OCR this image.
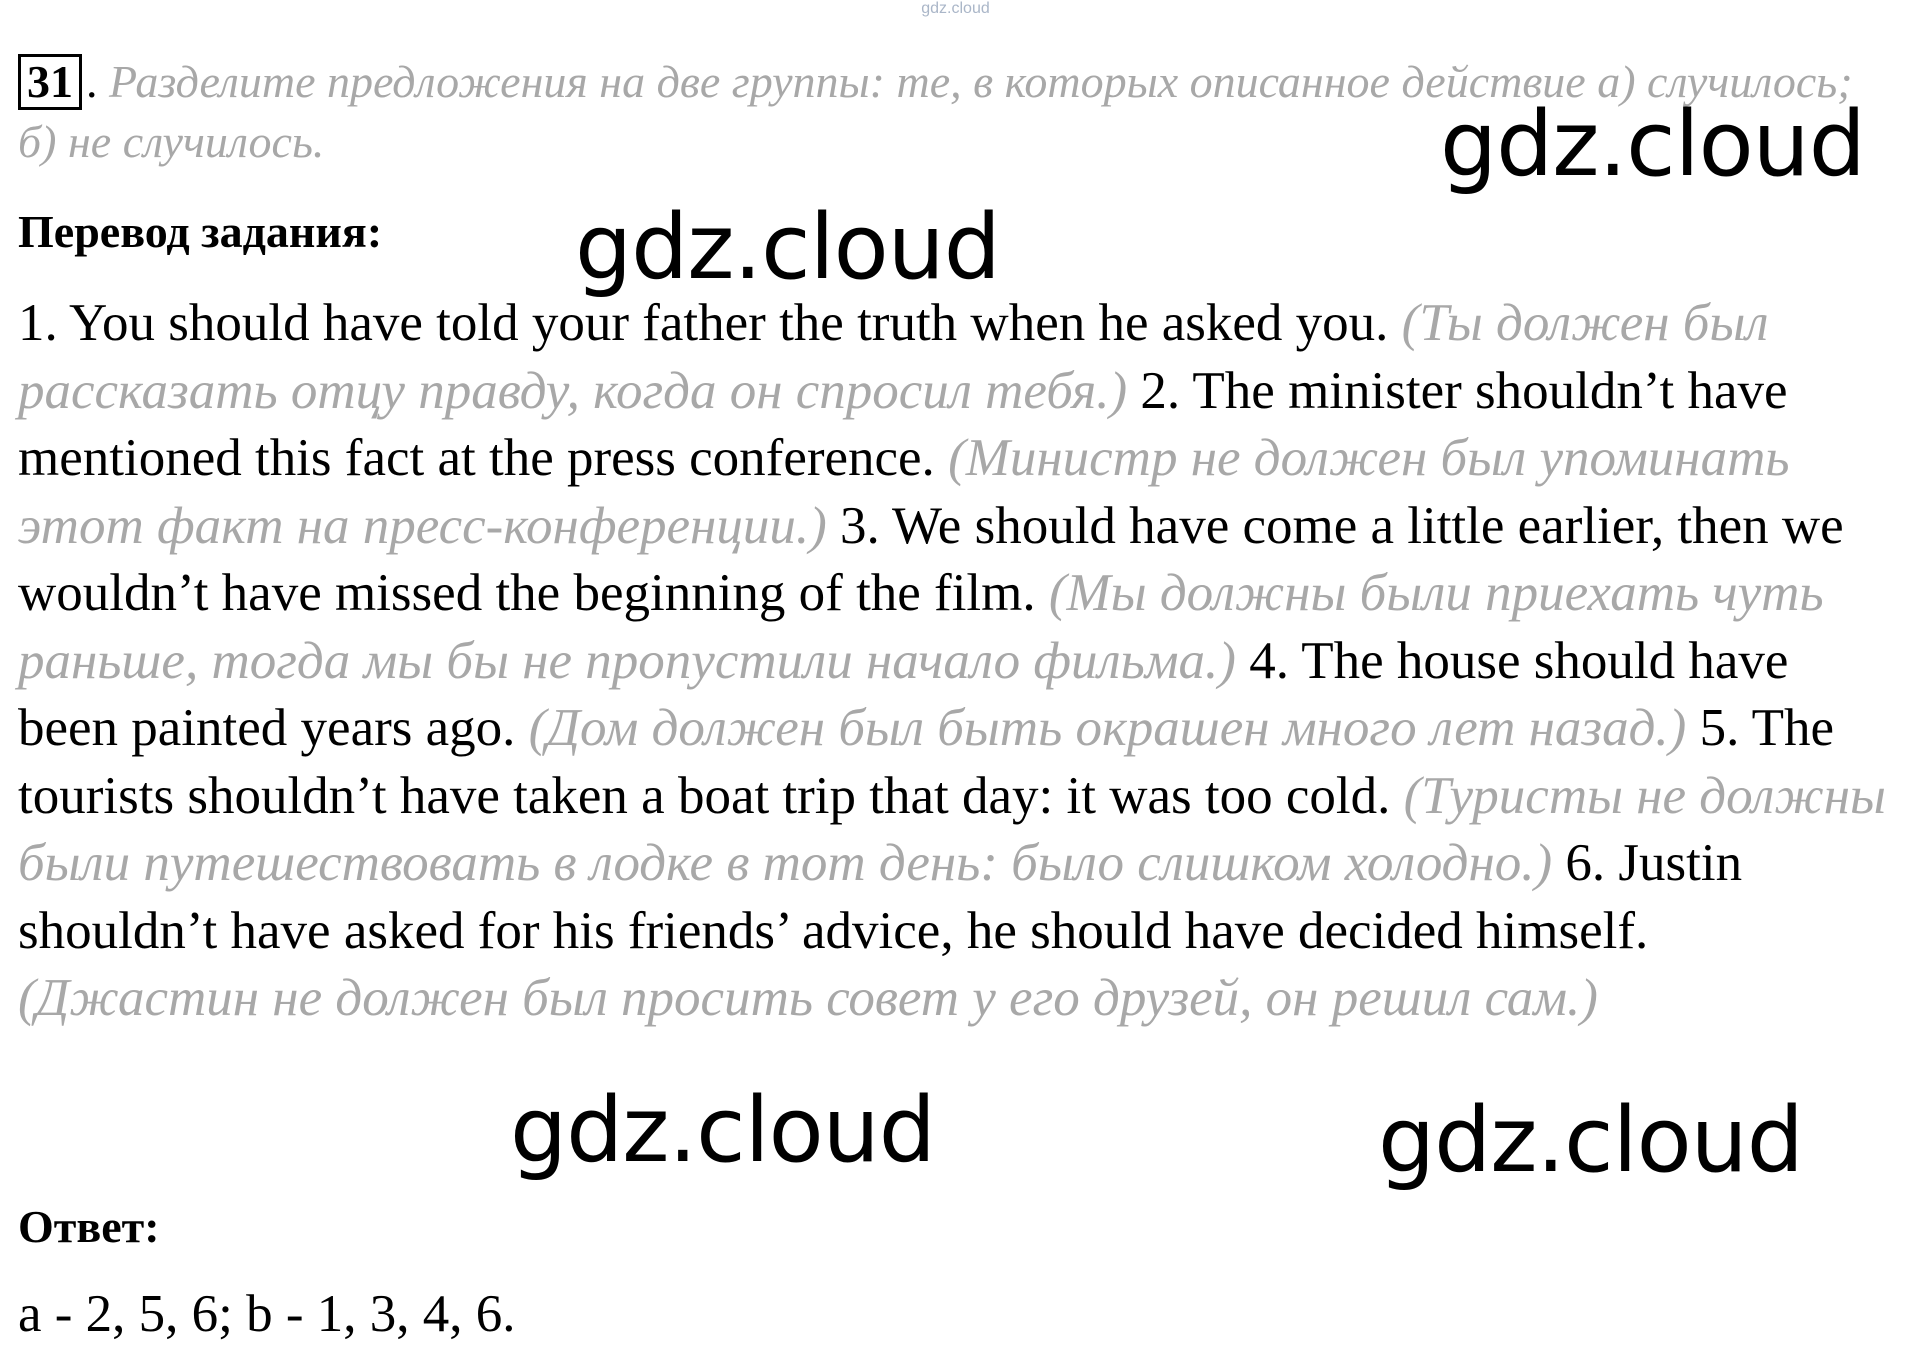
gdz.cloud
31 . Разделите предложения на две группы: те, в которых описанное действие а) случилось; б) не случилось.
Перевод задания:
1. You should have told your father the truth when he asked you. (Ты должен был рассказать отцу правду, когда он спросил тебя.) 2. The minister shouldn’t have mentioned this fact at the press conference. (Министр не должен был упоминать этот факт на пресс-конференции.) 3. We should have come a little earlier, then we wouldn’t have missed the beginning of the film. (Мы должны были приехать чуть раньше, тогда мы бы не пропустили начало фильма.) 4. The house should have been painted years ago. (Дом должен был быть окрашен много лет назад.) 5. The tourists shouldn’t have taken a boat trip that day: it was too cold. (Туристы не должны были путешествовать в лодке в тот день: было слишком холодно.) 6. Justin shouldn’t have asked for his friends’ advice, he should have decided himself. (Джастин не должен был просить совет у его друзей, он решил сам.)
Ответ:
a - 2, 5, 6; b - 1, 3, 4, 6.
gdz.cloud
gdz.cloud
gdz.cloud	gdz.cloud
